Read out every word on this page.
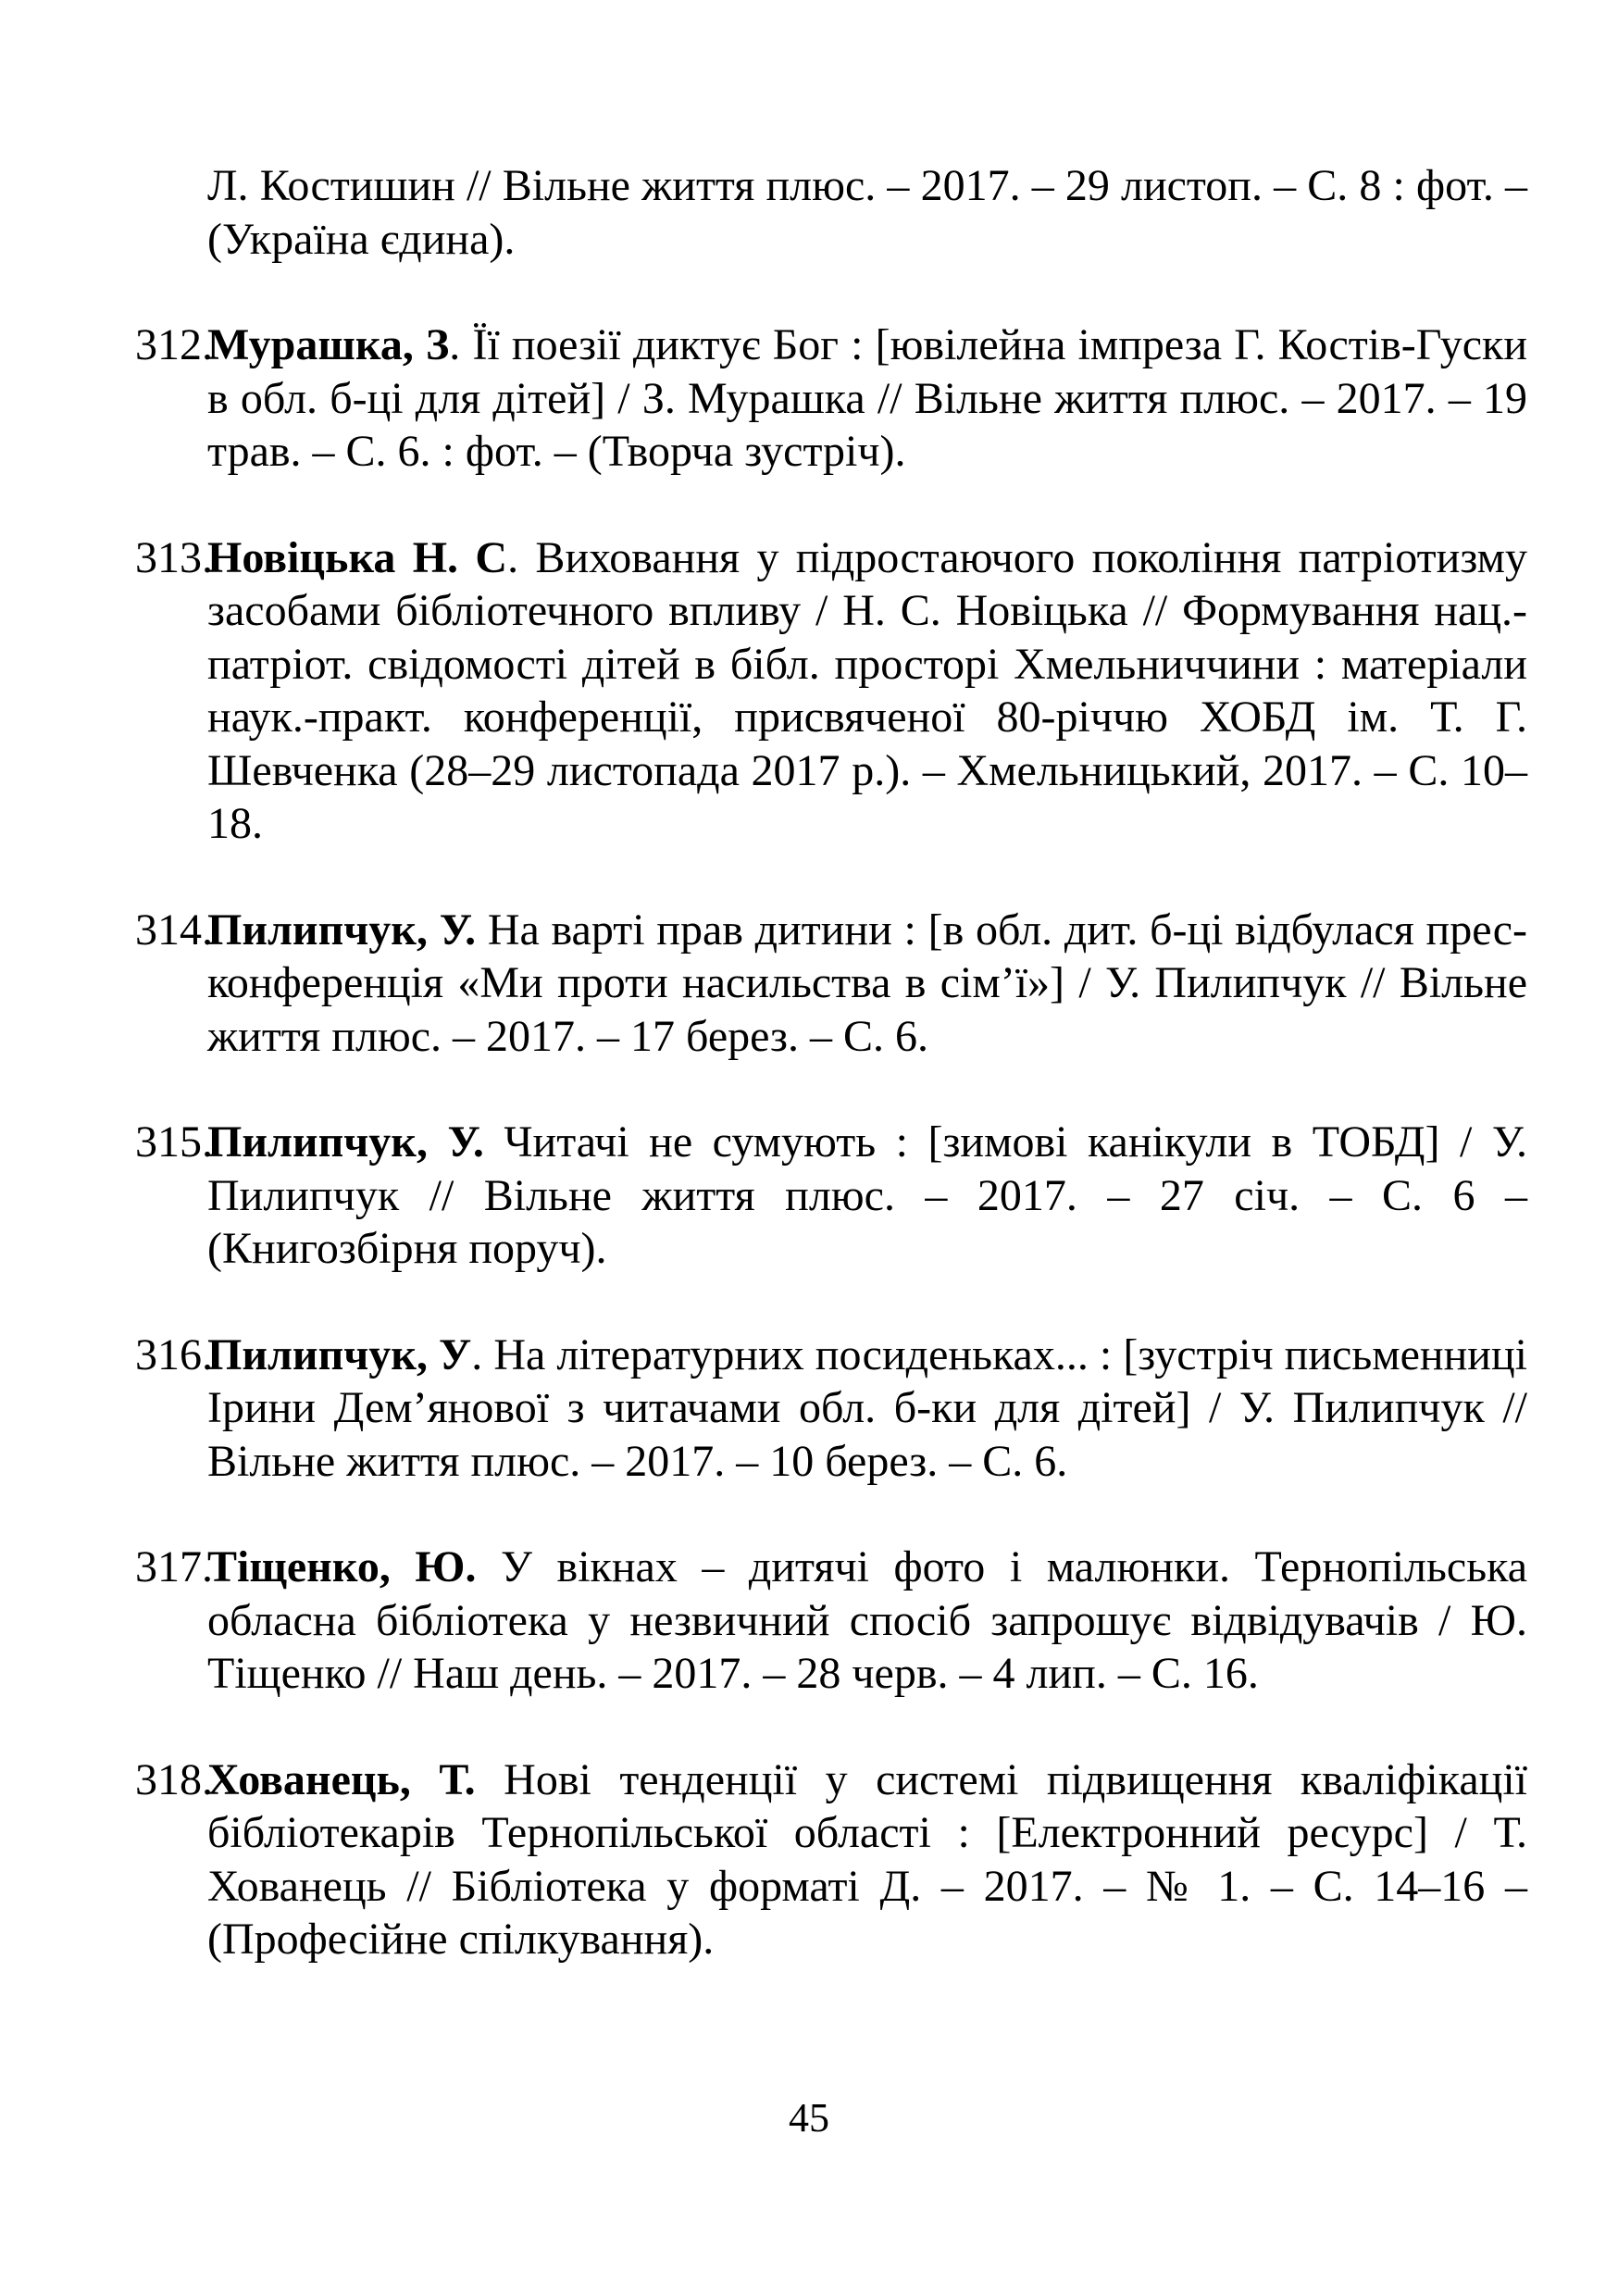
Л. Костишин // Вільне життя плюс. – 2017. – 29 листоп. – С. 8 : фот. – (Україна єдина).

312.
Мурашка, З. Її поезії диктує Бог : [ювілейна імпреза Г. Костів-Гуски в обл. б-ці для дітей] / З. Мурашка // Вільне життя плюс. – 2017. – 19 трав. – С. 6. : фот. – (Творча зустріч).
313.
Новіцька Н. С. Виховання у підростаючого покоління патріотизму засобами бібліотечного впливу / Н. С. Новіцька // Формування нац.-патріот. свідомості дітей в бібл. просторі Хмельниччини : матеріали наук.-практ. конференції, присвяченої 80-річчю ХОБД ім. Т. Г. Шевченка (28–29 листопада 2017 р.). – Хмельницький, 2017. – С. 10–18.
314.
Пилипчук, У. На варті прав дитини : [в обл. дит. б-ці відбулася прес-конференція «Ми проти насильства в сім’ї»] / У. Пилипчук // Вільне життя плюс. – 2017. – 17 берез. – С. 6.
315.
Пилипчук, У. Читачі не сумують : [зимові канікули в ТОБД] / У. Пилипчук // Вільне життя плюс. – 2017. – 27 січ. – С. 6 – (Книгозбірня поруч).
316.
Пилипчук, У. На літературних посиденьках... : [зустріч письменниці Ірини Дем’янової з читачами обл. б-ки для дітей] / У. Пилипчук // Вільне життя плюс. – 2017. – 10 берез. – С. 6.
317.
Тіщенко, Ю. У вікнах – дитячі фото і малюнки. Тернопільська обласна бібліотека у незвичний спосіб запрошує відвідувачів / Ю. Тіщенко // Наш день. – 2017. – 28 черв. – 4 лип. – С. 16.
318.
Хованець, Т. Нові тенденції у системі підвищення кваліфікації бібліотекарів Тернопільської області : [Електронний ресурс] / Т. Хованець // Бібліотека у форматі Д. – 2017. – № 1. – С. 14–16 – (Професійне спілкування).
45
